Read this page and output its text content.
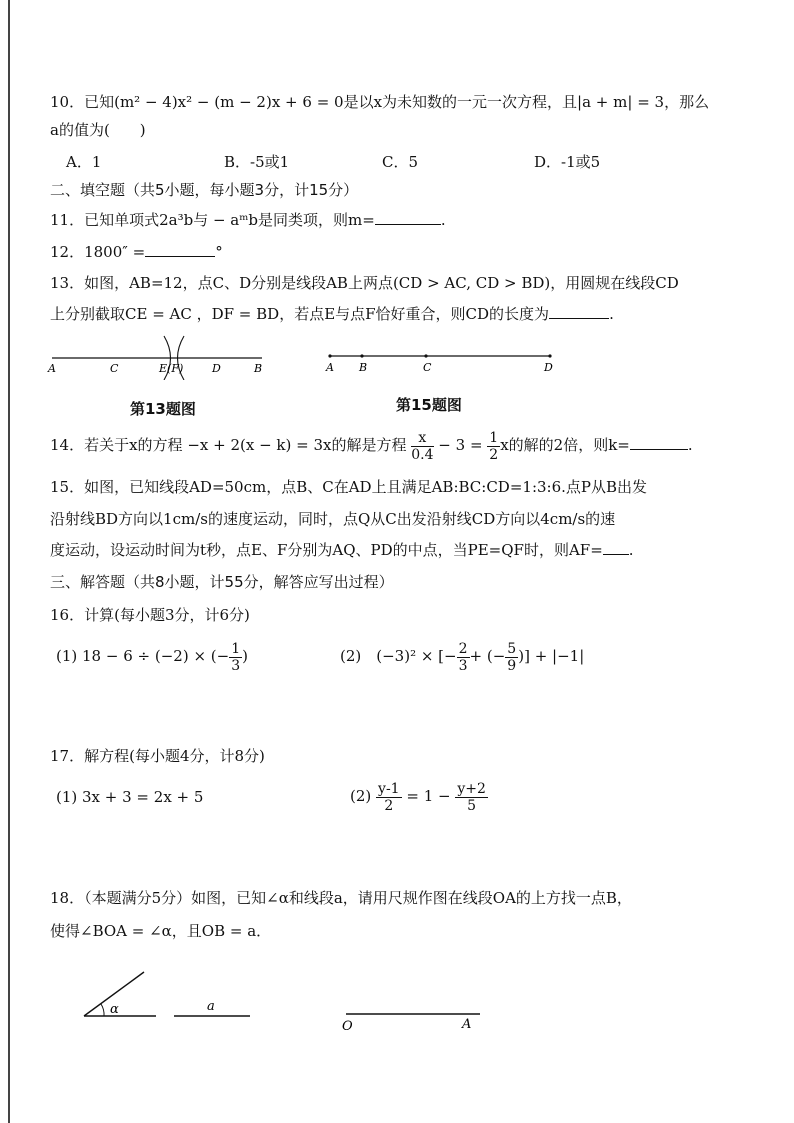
10．已知(m² − 4)x² − (m − 2)x + 6 = 0是以x为未知数的一元一次方程，且|a + m| = 3，那么
a的值为(　　)
A．1	B．-5或1	C．5	D．-1或5
二、填空题（共5小题，每小题3分，计15分）
11．已知单项式2a³b与 − aᵐb是同类项，则m=	.
12．1800″ =	°
13．如图，AB=12，点C、D分别是线段AB上两点(CD > AC, CD > BD)，用圆规在线段CD
上分别截取CE = AC ，DF = BD，若点E与点F恰好重合，则CD的长度为	.
A	C	E(F)	D	B
第13题图
A B	C	D
第15题图
14．若关于x的方程 −x + 2(x − k) = 3x的解是方程 $\frac{x}{0.4} - 3 = \frac{1}{2}$ x的解的2倍，则k=	.
15．如图，已知线段AD=50cm，点B、C在AD上且满足AB:BC:CD=1:3:6.点P从B出发
沿射线BD方向以1cm/s的速度运动，同时，点Q从C出发沿射线CD方向以4cm/s的速
度运动，设运动时间为t秒，点E、F分别为AQ、PD的中点，当PE=QF时，则AF= .
三、解答题（共8小题，计55分，解答应写出过程）
16．计算(每小题3分，计6分)
(1) 18 − 6 ÷ (−2) × (− $\frac{1}{3}$ )	(2)　(−3)² × [− $\frac{2}{3}$ + (− $\frac{5}{9}$ )] + |−1|
17．解方程(每小题4分，计8分)
(1) 3x + 3 = 2x + 5	$(2) \frac{y-1}{2} = 1 - \frac{y+2}{5}$
18．（本题满分5分）如图，已知∠α和线段a，请用尺规作图在线段OA的上方找一点B，
使得∠BOA = ∠α，且OB = a．
α	a
O	A
